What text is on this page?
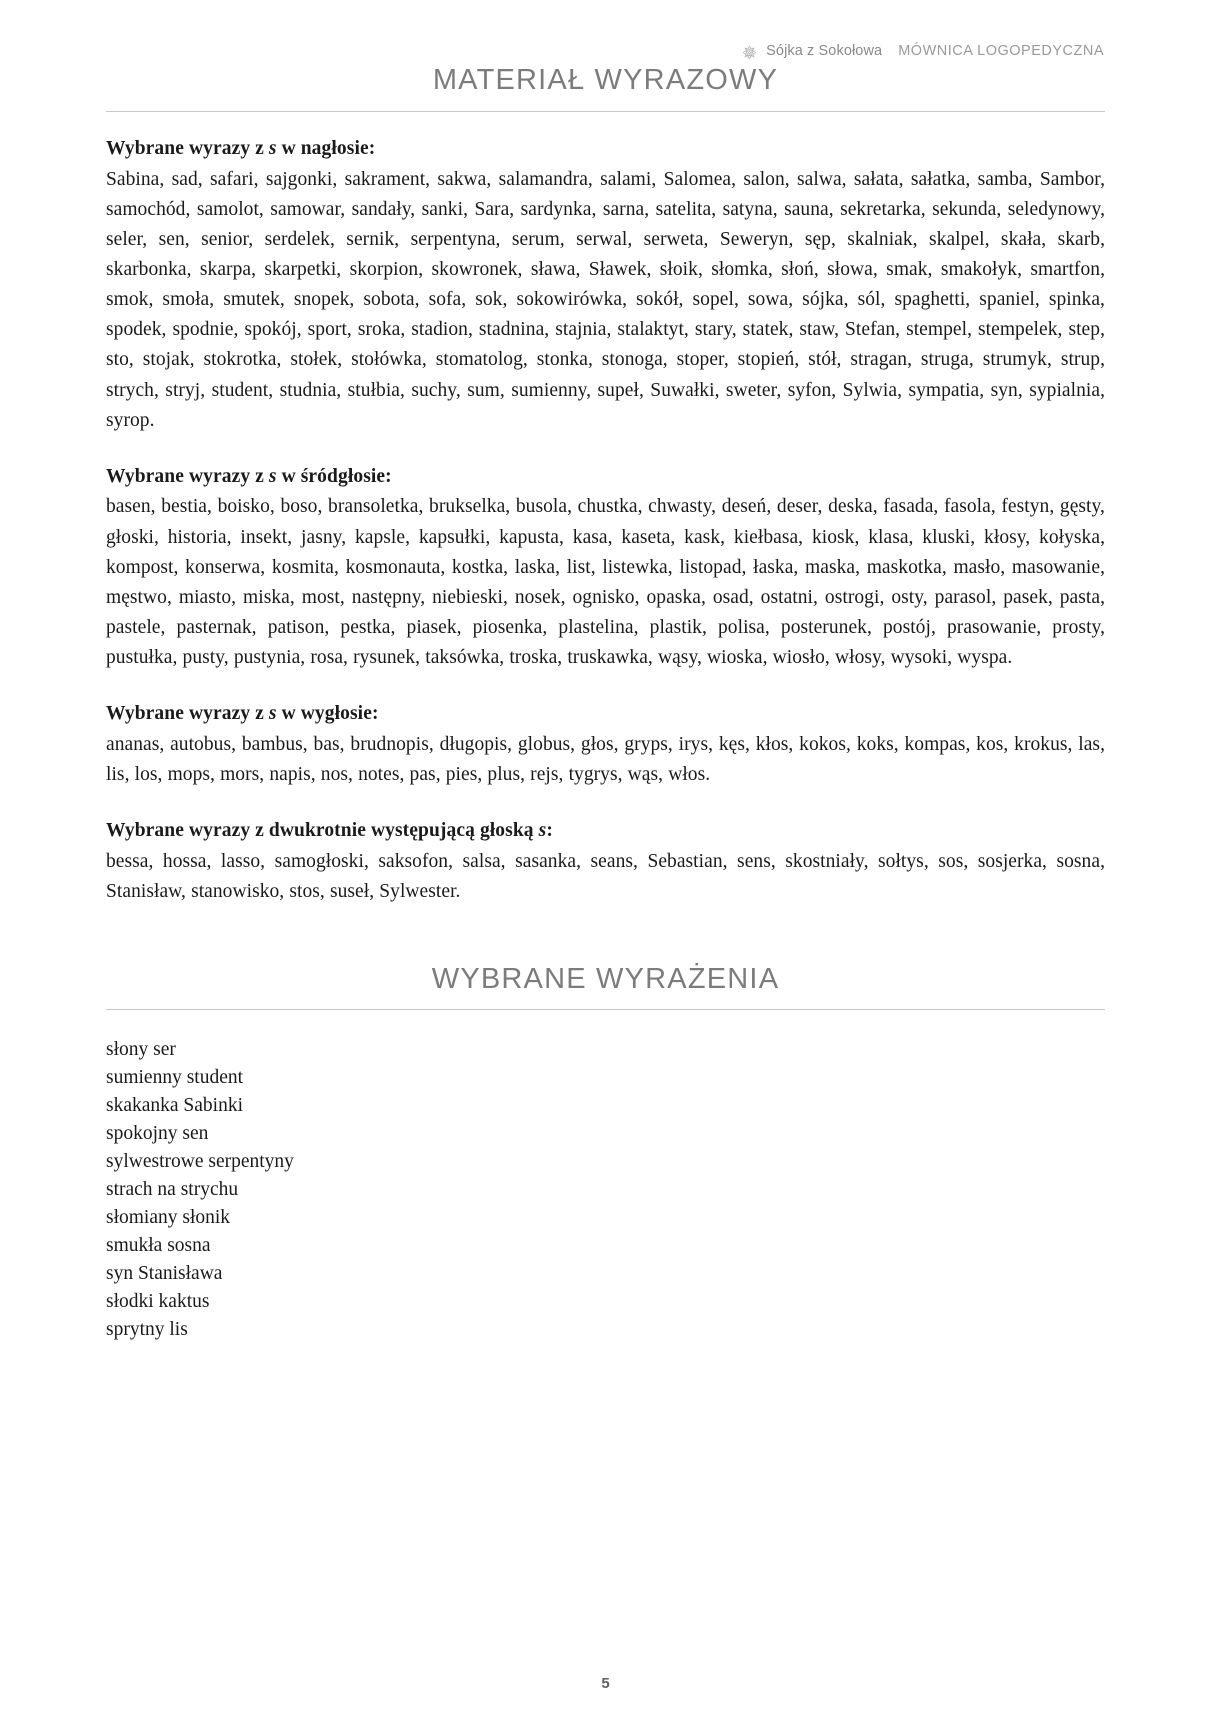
Sójka z Sokołowa MÓWNICA LOGOPEDYCZNA
MATERIAŁ WYRAZOWY

Wybrane wyrazy z s w nagłosie:

Sabina, sad, safari, sajgonki, sakrament, sakwa, salamandra, salami, Salomea, salon, salwa, sałata, sałatka, samba, Sambor, samochód, samolot, samowar, sandały, sanki, Sara, sardynka, sarna, satelita, satyna, sauna, sekretarka, sekunda, seledynowy, seler, sen, senior, serdelek, sernik, serpentyna, serum, serwal, serweta, Seweryn, sęp, skalniak, skalpel, skała, skarb, skarbonka, skarpa, skarpetki, skorpion, skowronek, sława, Sławek, słoik, słomka, słoń, słowa, smak, smakołyk, smartfon, smok, smoła, smutek, snopek, sobota, sofa, sok, sokowirówka, sokół, sopel, sowa, sójka, sól, spaghetti, spaniel, spinka, spodek, spodnie, spokój, sport, sroka, stadion, stadnina, stajnia, stalaktyt, stary, statek, staw, Stefan, stempel, stempelek, step, sto, stojak, stokrotka, stołek, stołówka, stomatolog, stonka, stonoga, stoper, stopień, stół, stragan, struga, strumyk, strup, strych, stryj, student, studnia, stułbia, suchy, sum, sumienny, supeł, Suwałki, sweter, syfon, Sylwia, sympatia, syn, sypialnia, syrop.

Wybrane wyrazy z s w śródgłosie:

basen, bestia, boisko, boso, bransoletka, brukselka, busola, chustka, chwasty, deseń, deser, deska, fasada, fasola, festyn, gęsty, głoski, historia, insekt, jasny, kapsle, kapsułki, kapusta, kasa, kaseta, kask, kiełbasa, kiosk, klasa, kluski, kłosy, kołyska, kompost, konserwa, kosmita, kosmonauta, kostka, laska, list, listewka, listopad, łaska, maska, maskotka, masło, masowanie, męstwo, miasto, miska, most, następny, niebieski, nosek, ognisko, opaska, osad, ostatni, ostrogi, osty, parasol, pasek, pasta, pastele, pasternak, patison, pestka, piasek, piosenka, plastelina, plastik, polisa, posterunek, postój, prasowanie, prosty, pustułka, pusty, pustynia, rosa, rysunek, taksówka, troska, truskawka, wąsy, wioska, wiosło, włosy, wysoki, wyspa.

Wybrane wyrazy z s w wygłosie:

ananas, autobus, bambus, bas, brudnopis, długopis, globus, głos, gryps, irys, kęs, kłos, kokos, koks, kompas, kos, krokus, las, lis, los, mops, mors, napis, nos, notes, pas, pies, plus, rejs, tygrys, wąs, włos.

Wybrane wyrazy z dwukrotnie występującą głoską s:

bessa, hossa, lasso, samogłoski, saksofon, salsa, sasanka, seans, Sebastian, sens, skostniały, sołtys, sos, sosjerka, sosna, Stanisław, stanowisko, stos, suseł, Sylwester.

WYBRANE WYRAŻENIA
słony ser
sumienny student
skakanka Sabinki
spokojny sen
sylwestrowe serpentyny
strach na strychu
słomiany słonik
smukła sosna
syn Stanisława
słodki kaktus
sprytny lis
5
